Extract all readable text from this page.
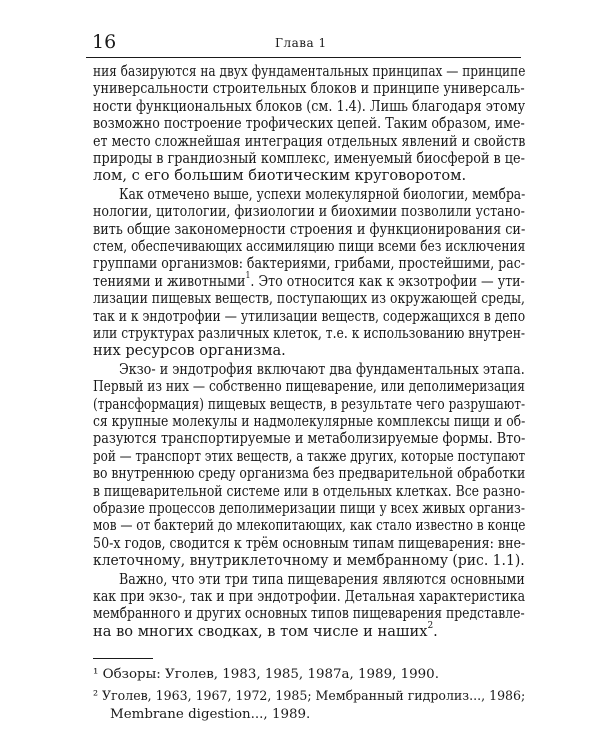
16	Глава 1
ния базируются на двух фундаментальных принципах — принципе
универсальности строительных блоков и принципе универсаль-
ности функциональных блоков (см. 1.4). Лишь благодаря этому
возможно построение трофических цепей. Таким образом, име-
ет место сложнейшая интеграция отдельных явлений и свойств
природы в грандиозный комплекс, именуемый биосферой в це-
лом, с его большим биотическим круговоротом.
Как отмечено выше, успехи молекулярной биологии, мембра-
нологии, цитологии, физиологии и биохимии позволили устано-
вить общие закономерности строения и функционирования си-
стем, обеспечивающих ассимиляцию пищи всеми без исключения
группами организмов: бактериями, грибами, простейшими, рас-
тениями и животными$^1$. Это относится как к экзотрофии — ути-
лизации пищевых веществ, поступающих из окружающей среды,
так и к эндотрофии — утилизации веществ, содержащихся в депо
или структурах различных клеток, т.е. к использованию внутрен-
них ресурсов организма.
Экзо- и эндотрофия включают два фундаментальных этапа.
Первый из них — собственно пищеварение, или деполимеризация
(трансформация) пищевых веществ, в результате чего разрушают-
ся крупные молекулы и надмолекулярные комплексы пищи и об-
разуются транспортируемые и метаболизируемые формы. Вто-
рой — транспорт этих веществ, а также других, которые поступают
во внутреннюю среду организма без предварительной обработки
в пищеварительной системе или в отдельных клетках. Все разно-
образие процессов деполимеризации пищи у всех живых организ-
мов — от бактерий до млекопитающих, как стало известно в конце
50-х годов, сводится к трём основным типам пищеварения: вне-
клеточному, внутриклеточному и мембранному (рис. 1.1).
Важно, что эти три типа пищеварения являются основными
как при экзо-, так и при эндотрофии. Детальная характеристика
мембранного и других основных типов пищеварения представле-
на во многих сводках, в том числе и наших$^2$.
¹ Обзоры: Уголев, 1983, 1985, 1987а, 1989, 1990.
² Уголев, 1963, 1967, 1972, 1985; Мембранный гидролиз..., 1986;
Membrane digestion..., 1989.
